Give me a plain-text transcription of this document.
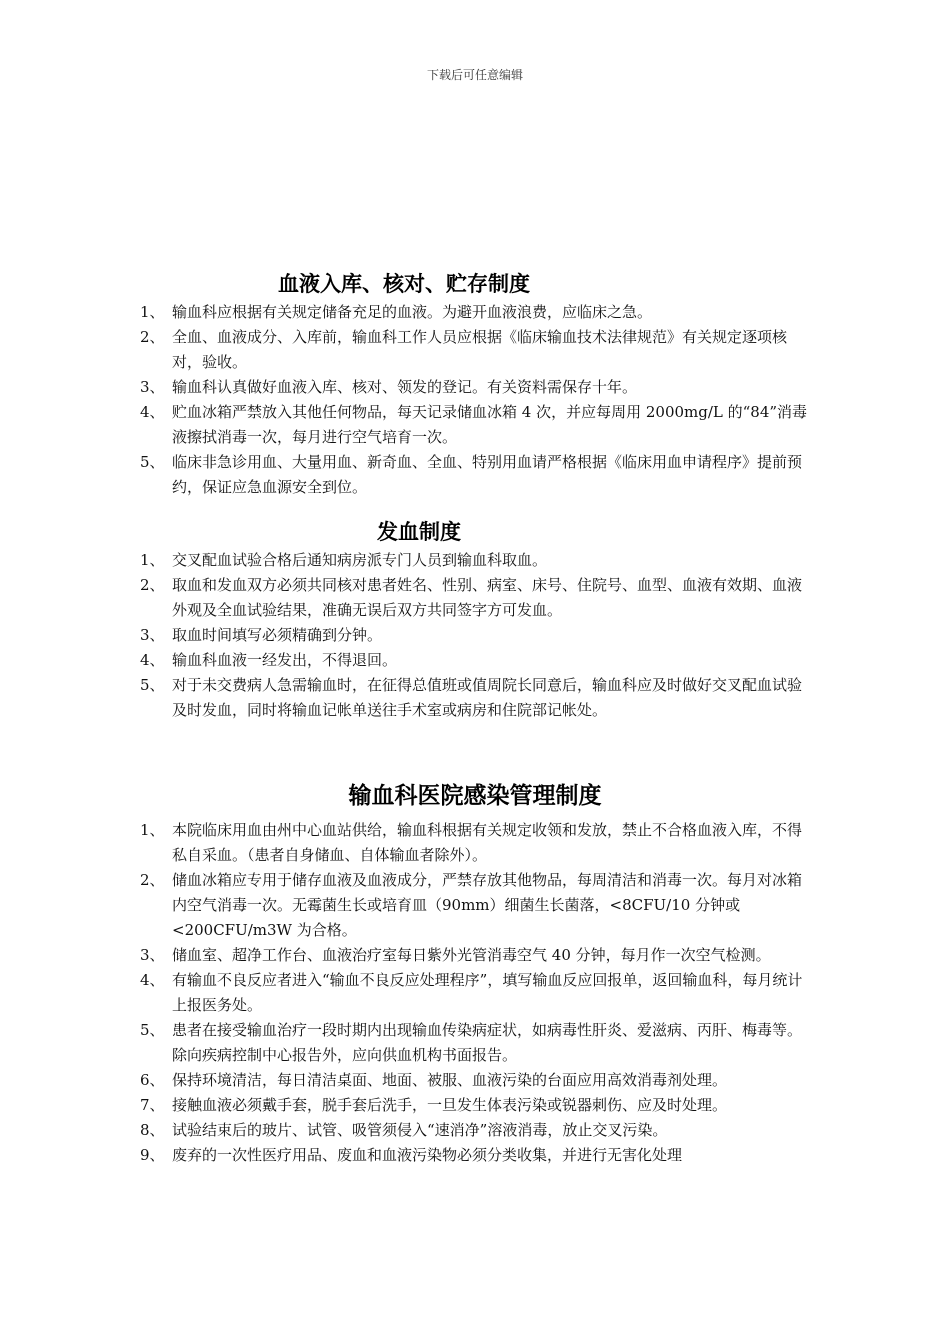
下载后可任意编辑
血液入库、核对、贮存制度
1、 输血科应根据有关规定储备充足的血液。为避开血液浪费，应临床之急。
2、 全血、血液成分、入库前，输血科工作人员应根据《临床输血技术法律规范》有关规定逐项核对，验收。
3、 输血科认真做好血液入库、核对、领发的登记。有关资料需保存十年。
4、 贮血冰箱严禁放入其他任何物品，每天记录储血冰箱 4 次，并应每周用 2000mg/L 的“84”消毒液擦拭消毒一次，每月进行空气培育一次。
5、 临床非急诊用血、大量用血、新奇血、全血、特别用血请严格根据《临床用血申请程序》提前预约，保证应急血源安全到位。
发血制度
1、 交叉配血试验合格后通知病房派专门人员到输血科取血。
2、 取血和发血双方必须共同核对患者姓名、性别、病室、床号、住院号、血型、血液有效期、血液外观及全血试验结果，准确无误后双方共同签字方可发血。
3、 取血时间填写必须精确到分钟。
4、 输血科血液一经发出，不得退回。
5、 对于未交费病人急需输血时，在征得总值班或值周院长同意后，输血科应及时做好交叉配血试验及时发血，同时将输血记帐单送往手术室或病房和住院部记帐处。
输血科医院感染管理制度
1、 本院临床用血由州中心血站供给，输血科根据有关规定收领和发放，禁止不合格血液入库，不得私自采血。（患者自身储血、自体输血者除外）。
2、 储血冰箱应专用于储存血液及血液成分，严禁存放其他物品，每周清洁和消毒一次。每月对冰箱内空气消毒一次。无霉菌生长或培育皿（90mm）细菌生长菌落，<8CFU/10 分钟或<200CFU/m3W 为合格。
3、 储血室、超净工作台、血液治疗室每日紫外光管消毒空气 40 分钟，每月作一次空气检测。
4、 有输血不良反应者进入“输血不良反应处理程序”，填写输血反应回报单，返回输血科，每月统计上报医务处。
5、 患者在接受输血治疗一段时期内出现输血传染病症状，如病毒性肝炎、爱滋病、丙肝、梅毒等。除向疾病控制中心报告外，应向供血机构书面报告。
6、 保持环境清洁，每日清洁桌面、地面、被服、血液污染的台面应用高效消毒剂处理。
7、 接触血液必须戴手套，脱手套后洗手，一旦发生体表污染或锐器刺伤、应及时处理。
8、 试验结束后的玻片、试管、吸管须侵入“速消净”溶液消毒，放止交叉污染。
9、 废弃的一次性医疗用品、废血和血液污染物必须分类收集，并进行无害化处理
